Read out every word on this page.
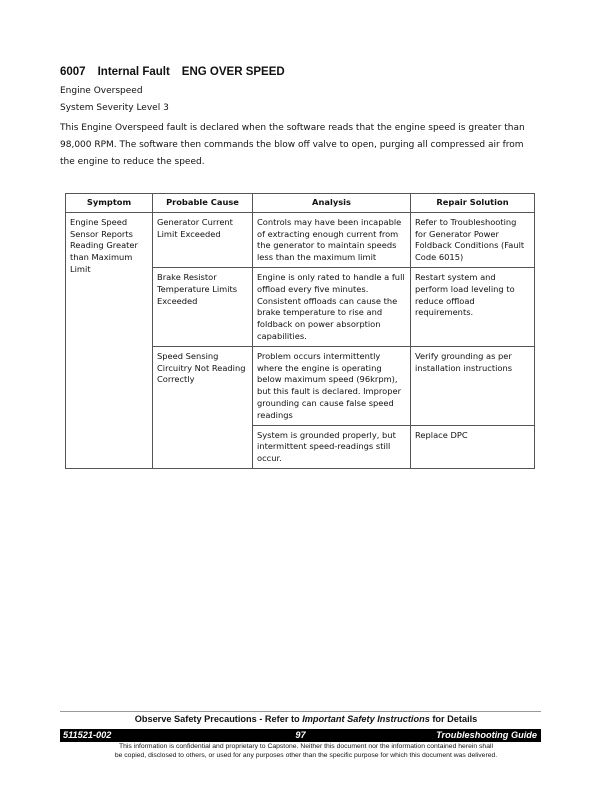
6007 Internal Fault ENG OVER SPEED
Engine Overspeed
System Severity Level 3
This Engine Overspeed fault is declared when the software reads that the engine speed is greater than 98,000 RPM. The software then commands the blow off valve to open, purging all compressed air from the engine to reduce the speed.
Symptom	Probable Cause	Analysis	Repair Solution
Engine Speed Sensor Reports Reading Greater than Maximum Limit	Generator Current Limit Exceeded	Controls may have been incapable of extracting enough current from the generator to maintain speeds less than the maximum limit	Refer to Troubleshooting for Generator Power Foldback Conditions (Fault Code 6015)
	Brake Resistor Temperature Limits Exceeded	Engine is only rated to handle a full offload every five minutes. Consistent offloads can cause the brake temperature to rise and foldback on power absorption capabilities.	Restart system and perform load leveling to reduce offload requirements.
	Speed Sensing Circuitry Not Reading Correctly	Problem occurs intermittently where the engine is operating below maximum speed (96krpm), but this fault is declared. Improper grounding can cause false speed readings	Verify grounding as per installation instructions
		System is grounded properly, but intermittent speed-readings still occur.	Replace DPC
Observe Safety Precautions - Refer to Important Safety Instructions for Details
97
511521-002	Troubleshooting Guide
This information is confidential and proprietary to Capstone. Neither this document nor the information contained herein shall
be copied, disclosed to others, or used for any purposes other than the specific purpose for which this document was delivered.
